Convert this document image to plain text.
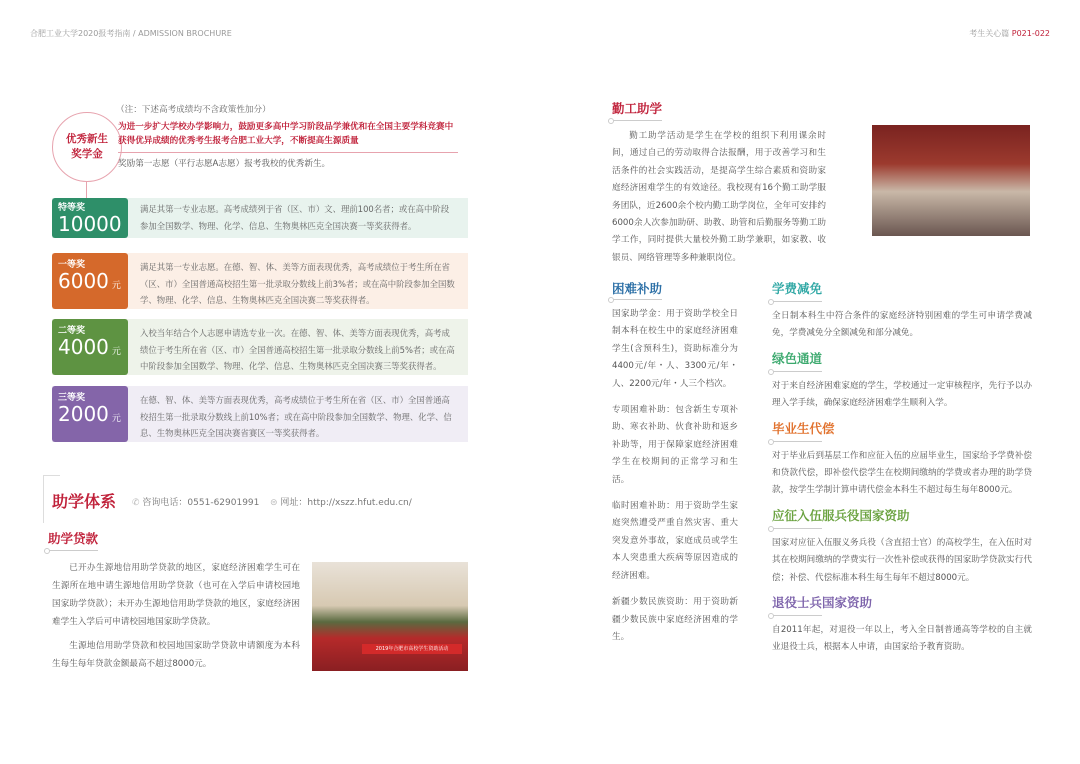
合肥工业大学2020报考指南 / ADMISSION BROCHURE	考生关心篇 P021-022
优秀新生奖学金
（注：下述高考成绩均不含政策性加分）
为进一步扩大学校办学影响力，鼓励更多高中学习阶段品学兼优和在全国主要学科竞赛中获得优异成绩的优秀考生报考合肥工业大学，不断提高生源质量
奖励第一志愿（平行志愿A志愿）报考我校的优秀新生。
特等奖
10000元
满足其第一专业志愿。高考成绩列于省（区、市）文、理前100名者；或在高中阶段参加全国数学、物理、化学、信息、生物奥林匹克全国决赛一等奖获得者。
一等奖
6000 元
满足其第一专业志愿。在德、智、体、美等方面表现优秀，高考成绩位于考生所在省（区、市）全国普通高校招生第一批录取分数线上前3%者；或在高中阶段参加全国数学、物理、化学、信息、生物奥林匹克全国决赛二等奖获得者。
二等奖
4000 元
入校当年结合个人志愿申请选专业一次。在德、智、体、美等方面表现优秀，高考成绩位于考生所在省（区、市）全国普通高校招生第一批录取分数线上前5%者；或在高中阶段参加全国数学、物理、化学、信息、生物奥林匹克全国决赛三等奖获得者。
三等奖
2000 元
在德、智、体、美等方面表现优秀，高考成绩位于考生所在省（区、市）全国普通高校招生第一批录取分数线上前10%者；或在高中阶段参加全国数学、物理、化学、信息、生物奥林匹克全国决赛省赛区一等奖获得者。
助学体系 ✆ 咨询电话：0551-62901991 ⊜ 网址：http://xszz.hfut.edu.cn/
助学贷款
已开办生源地信用助学贷款的地区，家庭经济困难学生可在生源所在地申请生源地信用助学贷款（也可在入学后申请校园地国家助学贷款）；未开办生源地信用助学贷款的地区，家庭经济困难学生入学后可申请校园地国家助学贷款。
生源地信用助学贷款和校园地国家助学贷款申请额度为本科生每生每年贷款金额最高不超过8000元。
2019年合肥市高校学生资助活动
勤工助学
勤工助学活动是学生在学校的组织下利用课余时间，通过自己的劳动取得合法报酬，用于改善学习和生活条件的社会实践活动，是提高学生综合素质和资助家庭经济困难学生的有效途径。我校现有16个勤工助学服务团队，近2600余个校内勤工助学岗位，全年可安排约6000余人次参加助研、助教、助管和后勤服务等勤工助学工作，同时提供大量校外勤工助学兼职，如家教、收银员、网络管理等多种兼职岗位。
困难补助
国家助学金：用于资助学校全日制本科在校生中的家庭经济困难学生(含预科生)，资助标准分为4400元/年・人、3300元/年・人、2200元/年・人三个档次。
专项困难补助：包含新生专项补助、寒衣补助、伙食补助和返乡补助等，用于保障家庭经济困难学生在校期间的正常学习和生活。
临时困难补助：用于资助学生家庭突然遭受严重自然灾害、重大突发意外事故，家庭成员或学生本人突患重大疾病等原因造成的经济困难。
新疆少数民族资助：用于资助新疆少数民族中家庭经济困难的学生。
学费减免
全日制本科生中符合条件的家庭经济特别困难的学生可申请学费减免，学费减免分全额减免和部分减免。
绿色通道
对于来自经济困难家庭的学生，学校通过一定审核程序，先行予以办理入学手续，确保家庭经济困难学生顺利入学。
毕业生代偿
对于毕业后到基层工作和应征入伍的应届毕业生，国家给予学费补偿和贷款代偿，即补偿代偿学生在校期间缴纳的学费或者办理的助学贷款，按学生学制计算申请代偿金本科生不超过每生每年8000元。
应征入伍服兵役国家资助
国家对应征入伍服义务兵役（含直招士官）的高校学生，在入伍时对其在校期间缴纳的学费实行一次性补偿或获得的国家助学贷款实行代偿；补偿、代偿标准本科生每生每年不超过8000元。
退役士兵国家资助
自2011年起，对退役一年以上，考入全日制普通高等学校的自主就业退役士兵，根据本人申请，由国家给予教育资助。
